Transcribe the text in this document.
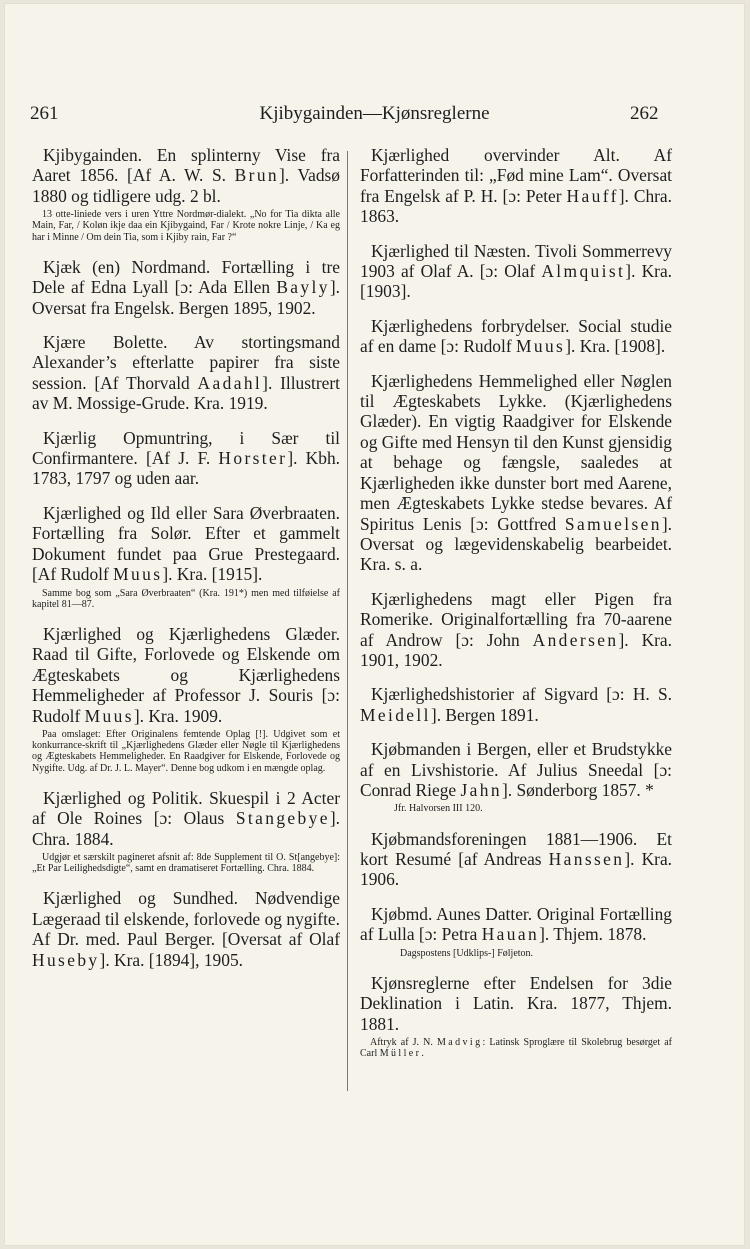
261	Kjibygainden—Kjønsreglerne	262

Kjibygainden. En splinterny Vise fra Aaret 1856. [Af A. W. S. Brun]. Vadsø 1880 og tidligere udg. 2 bl.

13 otte-liniede vers i uren Yttre Nordmør-dialekt. „No for Tia dikta alle Main, Far, / Koløn ikje daa ein Kjibygaind, Far / Krote nokre Linje, / Ka eg har i Minne / Om dein Tia, som i Kjiby rain, Far ?“

Kjæk (en) Nordmand. Fortælling i tre Dele af Edna Lyall [ɔ: Ada Ellen Bayly]. Oversat fra Engelsk. Bergen 1895, 1902.

Kjære Bolette. Av stortingsmand Alexander’s efterlatte papirer fra siste session. [Af Thorvald Aadahl]. Illustrert av M. Mossige-Grude. Kra. 1919.

Kjærlig Opmuntring, i Sær til Confirmantere. [Af J. F. Horster]. Kbh. 1783, 1797 og uden aar.

Kjærlighed og Ild eller Sara Øverbraaten. Fortælling fra Solør. Efter et gammelt Dokument fundet paa Grue Prestegaard. [Af Rudolf Muus]. Kra. [1915].

Samme bog som „Sara Øverbraaten“ (Kra. 191*) men med tilføielse af kapitel 81—87.

Kjærlighed og Kjærlighedens Glæder. Raad til Gifte, Forlovede og Elskende om Ægteskabets og Kjærlighedens Hemmeligheder af Professor J. Souris [ɔ: Rudolf Muus]. Kra. 1909.

Paa omslaget: Efter Originalens femtende Oplag [!]. Udgivet som et konkurrance-skrift til „Kjærlighedens Glæder eller Nøgle til Kjærlighedens og Ægteskabets Hemmeligheder. En Raadgiver for Elskende, Forlovede og Nygifte. Udg. af Dr. J. L. Mayer“. Denne bog udkom i en mængde oplag.

Kjærlighed og Politik. Skuespil i 2 Acter af Ole Roines [ɔ: Olaus Stangebye]. Chra. 1884.

Udgjør et særskilt pagineret afsnit af: 8de Supplement til O. St[angebye]: „Et Par Leilighedsdigte“, samt en dramatiseret Fortælling. Chra. 1884.

Kjærlighed og Sundhed. Nødvendige Lægeraad til elskende, forlovede og nygifte. Af Dr. med. Paul Berger. [Oversat af Olaf Huseby]. Kra. [1894], 1905.

Kjærlighed overvinder Alt. Af Forfatterinden til: „Fød mine Lam“. Oversat fra Engelsk af P. H. [ɔ: Peter Hauff]. Chra. 1863.

Kjærlighed til Næsten. Tivoli Sommerrevy 1903 af Olaf A. [ɔ: Olaf Almquist]. Kra. [1903].

Kjærlighedens forbrydelser. Social studie af en dame [ɔ: Rudolf Muus]. Kra. [1908].

Kjærlighedens Hemmelighed eller Nøglen til Ægteskabets Lykke. (Kjærlighedens Glæder). En vigtig Raadgiver for Elskende og Gifte med Hensyn til den Kunst gjensidig at behage og fængsle, saaledes at Kjærligheden ikke dunster bort med Aarene, men Ægteskabets Lykke stedse bevares. Af Spiritus Lenis [ɔ: Gottfred Samuelsen]. Oversat og lægevidenskabelig bearbeidet. Kra. s. a.

Kjærlighedens magt eller Pigen fra Romerike. Originalfortælling fra 70-aarene af Androw [ɔ: John Andersen]. Kra. 1901, 1902.

Kjærlighedshistorier af Sigvard [ɔ: H. S. Meidell]. Bergen 1891.

Kjøbmanden i Bergen, eller et Brudstykke af en Livshistorie. Af Julius Sneedal [ɔ: Conrad Riege Jahn]. Sønderborg 1857. *

Jfr. Halvorsen III 120.

Kjøbmandsforeningen 1881—1906. Et kort Resumé [af Andreas Hanssen]. Kra. 1906.

Kjøbmd. Aunes Datter. Original Fortælling af Lulla [ɔ: Petra Hauan]. Thjem. 1878.

Dagspostens [Udklips-] Føljeton.

Kjønsreglerne efter Endelsen for 3die Deklination i Latin. Kra. 1877, Thjem. 1881.

Aftryk af J. N. Madvig: Latinsk Sproglære til Skolebrug besørget af Carl Müller.
